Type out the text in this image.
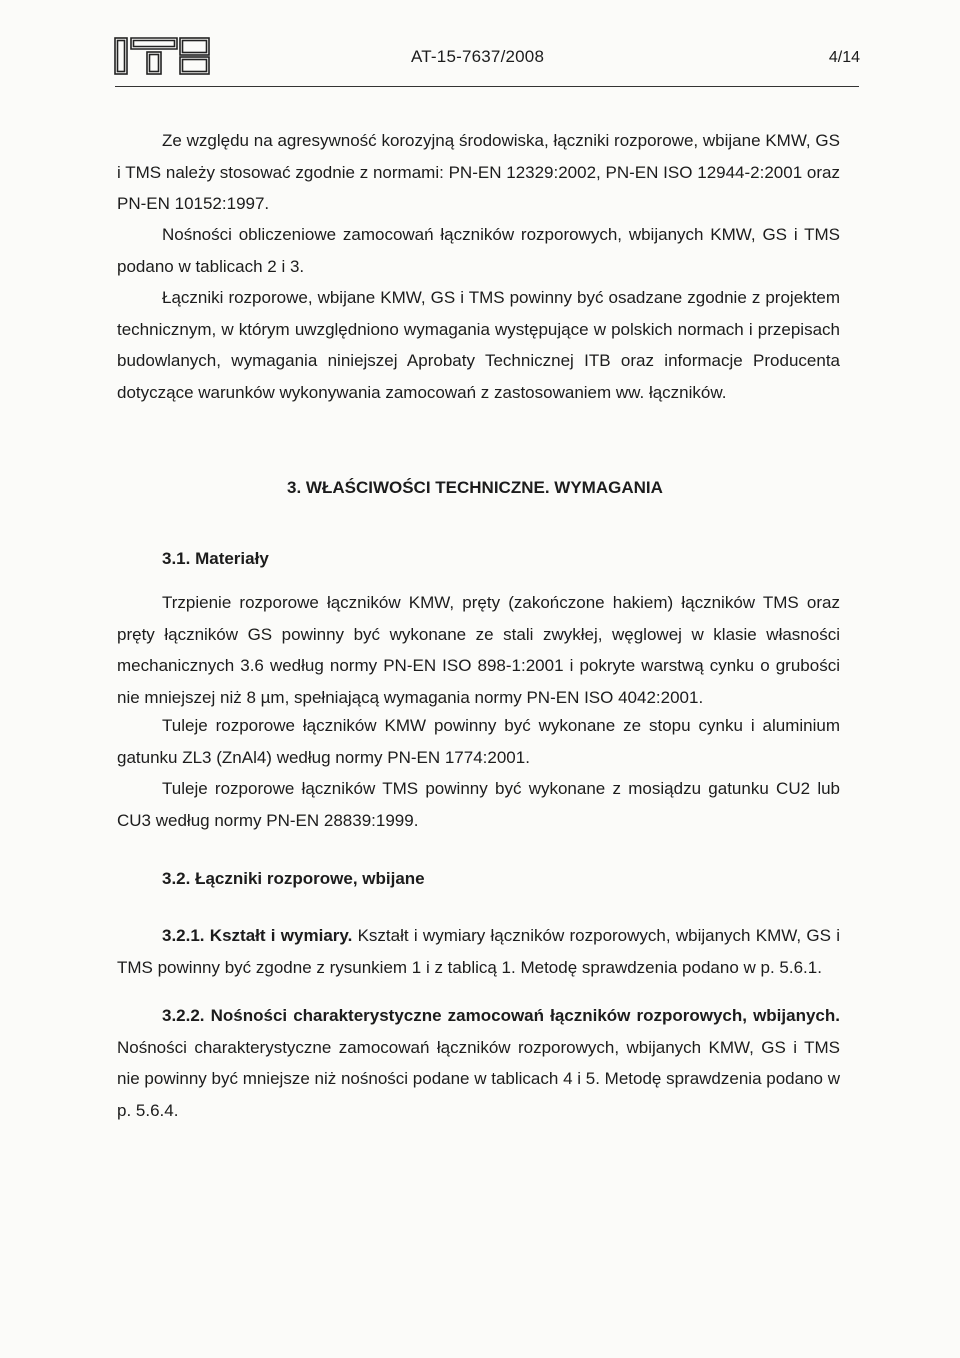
AT-15-7637/2008	4/14

Ze względu na agresywność korozyjną środowiska, łączniki rozporowe, wbijane KMW, GS i TMS należy stosować zgodnie z normami: PN-EN 12329:2002, PN-EN ISO 12944-2:2001 oraz PN-EN 10152:1997.

Nośności obliczeniowe zamocowań łączników rozporowych, wbijanych KMW, GS i TMS podano w tablicach 2 i 3.

Łączniki rozporowe, wbijane KMW, GS i TMS powinny być osadzane zgodnie z projektem technicznym, w którym uwzględniono wymagania występujące w polskich normach i przepisach budowlanych, wymagania niniejszej Aprobaty Technicznej ITB oraz informacje Producenta dotyczące warunków wykonywania zamocowań z zastosowaniem ww. łączników.

3. WŁAŚCIWOŚCI TECHNICZNE. WYMAGANIA
3.1. Materiały

Trzpienie rozporowe łączników KMW, pręty (zakończone hakiem) łączników TMS oraz pręty łączników GS powinny być wykonane ze stali zwykłej, węglowej w klasie własności mechanicznych 3.6 według normy PN-EN ISO 898-1:2001 i pokryte warstwą cynku o grubości nie mniejszej niż 8 µm, spełniającą wymagania normy PN-EN ISO 4042:2001.

Tuleje rozporowe łączników KMW powinny być wykonane ze stopu cynku i aluminium gatunku ZL3 (ZnAl4) według normy PN-EN 1774:2001.

Tuleje rozporowe łączników TMS powinny być wykonane z mosiądzu gatunku CU2 lub CU3 według normy PN-EN 28839:1999.

3.2. Łączniki rozporowe, wbijane

3.2.1. Kształt i wymiary. Kształt i wymiary łączników rozporowych, wbijanych KMW, GS i TMS powinny być zgodne z rysunkiem 1 i z tablicą 1. Metodę sprawdzenia podano w p. 5.6.1.

3.2.2. Nośności charakterystyczne zamocowań łączników rozporowych, wbijanych. Nośności charakterystyczne zamocowań łączników rozporowych, wbijanych KMW, GS i TMS nie powinny być mniejsze niż nośności podane w tablicach 4 i 5. Metodę sprawdzenia podano w p. 5.6.4.
